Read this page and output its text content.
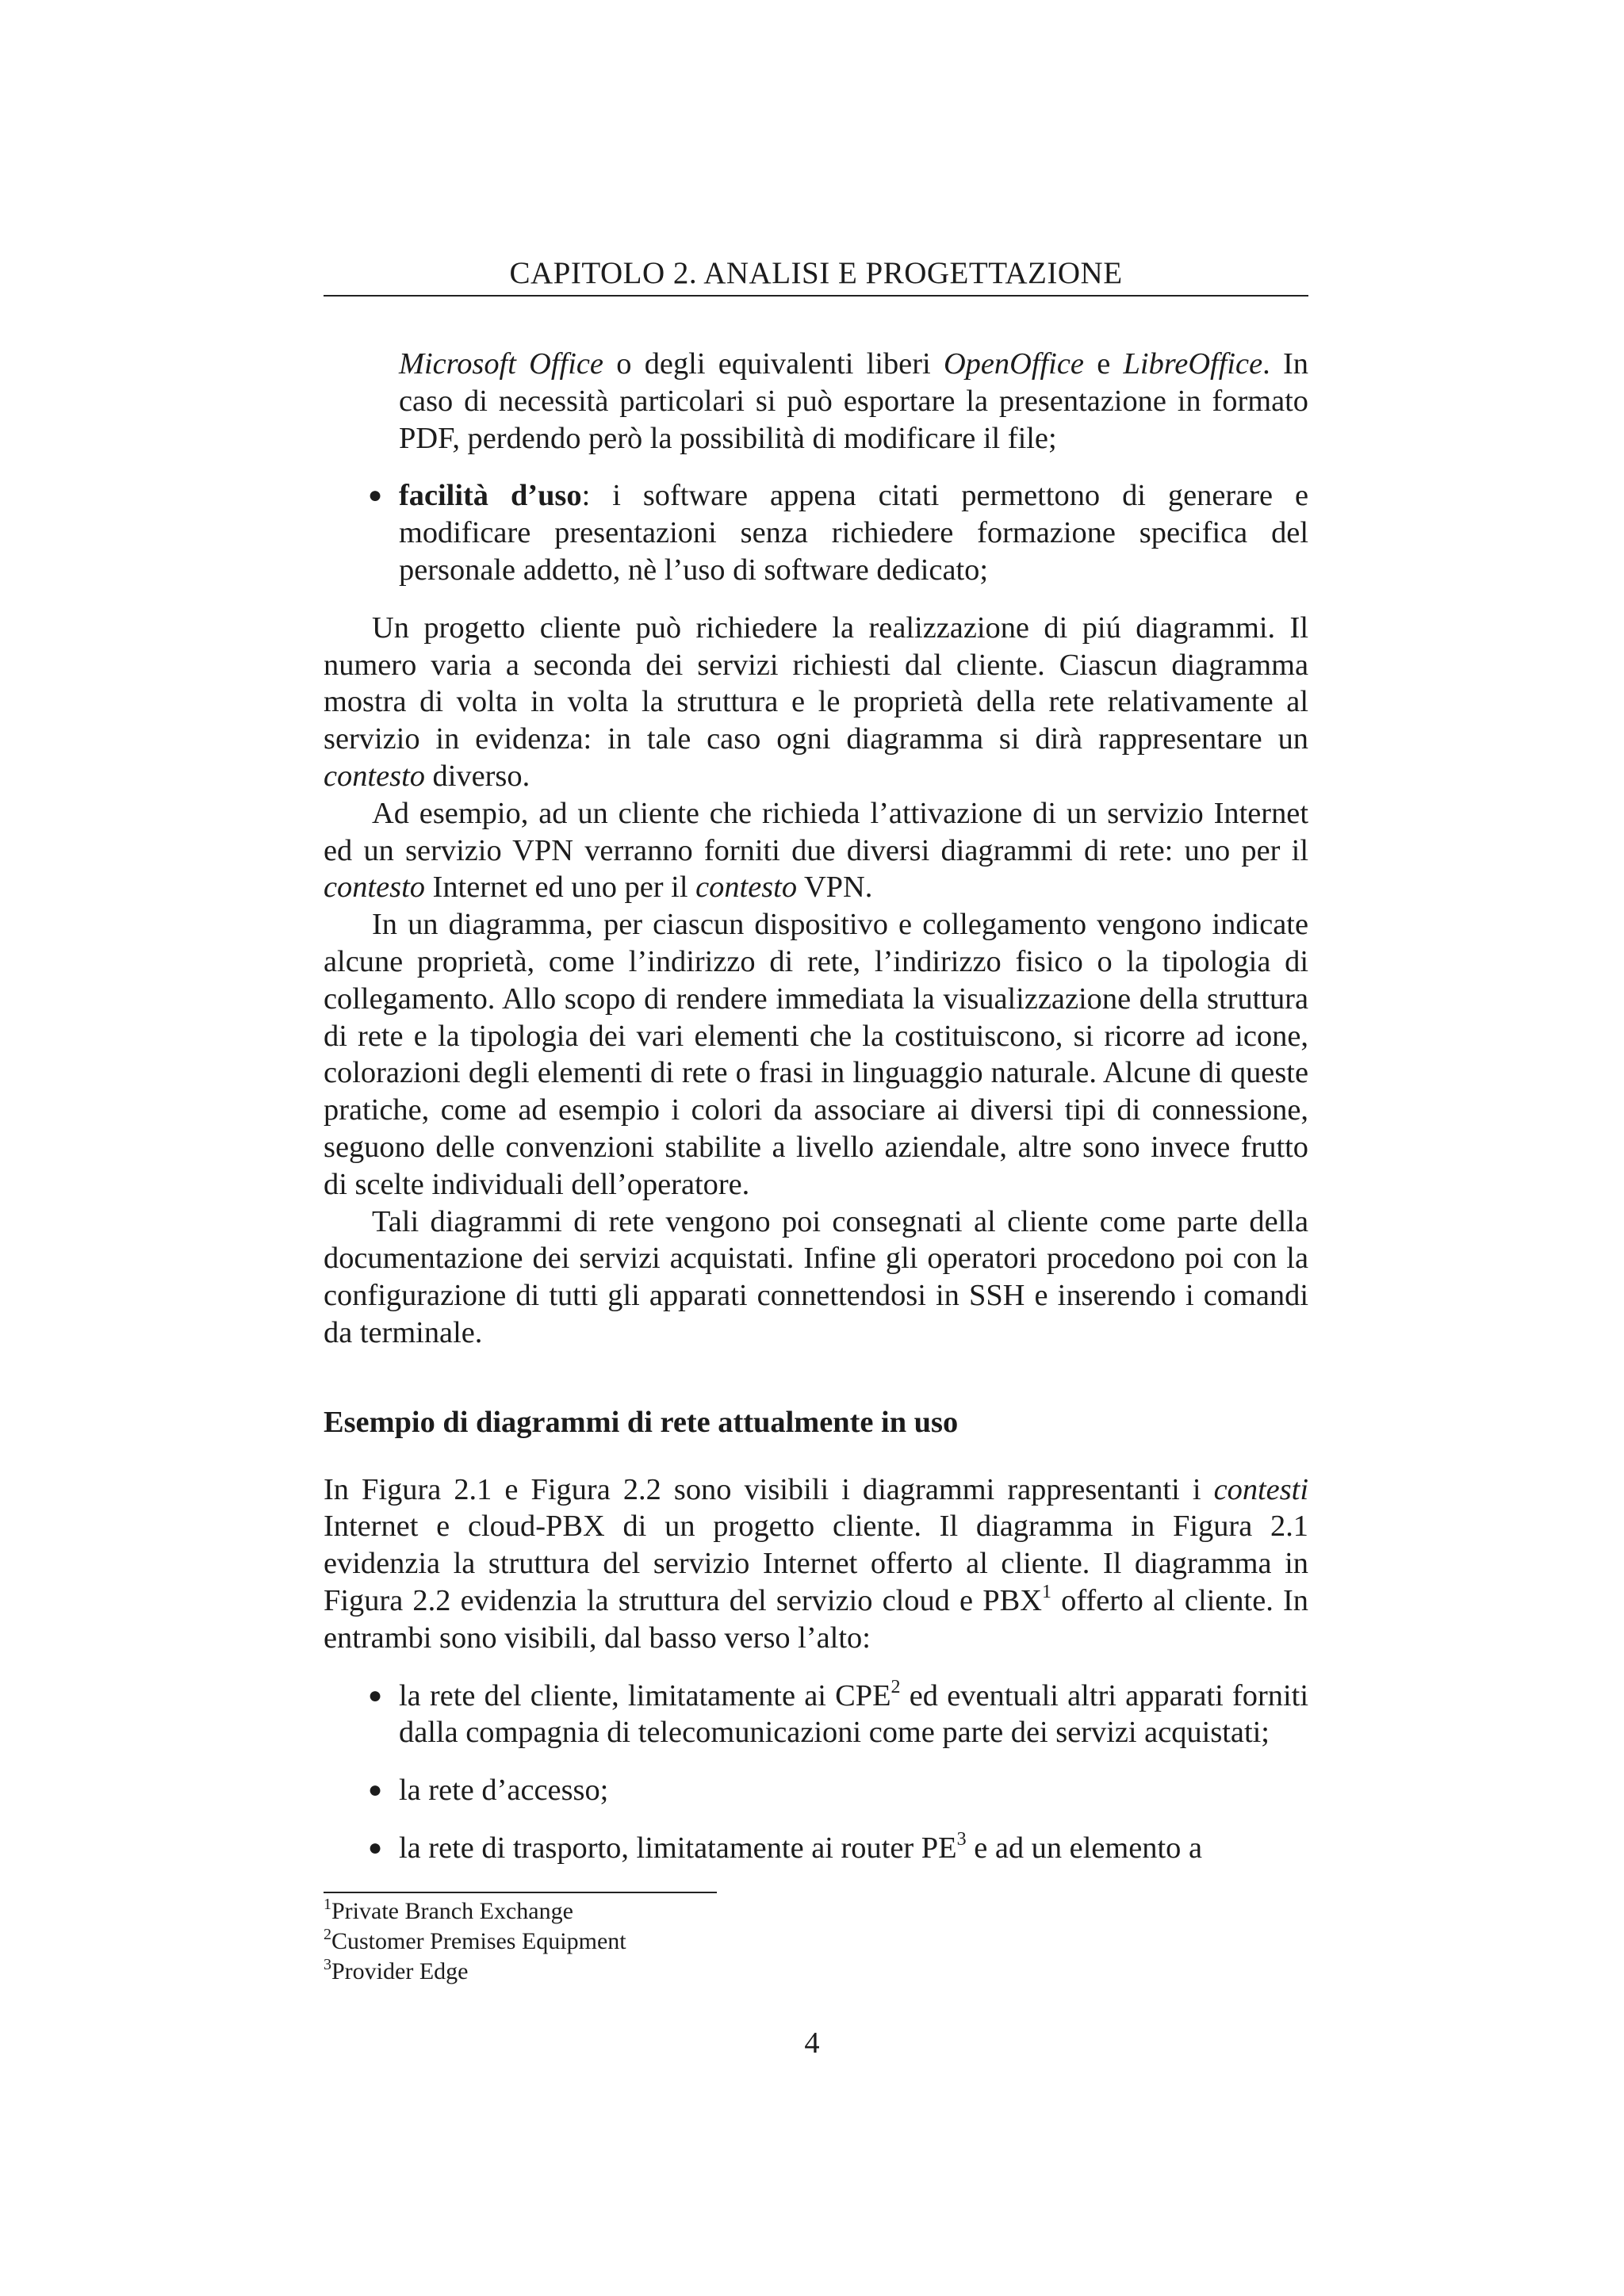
CAPITOLO 2. ANALISI E PROGETTAZIONE

Microsoft Office o degli equivalenti liberi OpenOffice e LibreOffice. In caso di necessità particolari si può esportare la presentazione in formato PDF, perdendo però la possibilità di modificare il file;

● facilità d’uso: i software appena citati permettono di generare e modificare presentazioni senza richiedere formazione specifica del personale addetto, nè l’uso di software dedicato;

Un progetto cliente può richiedere la realizzazione di piú diagrammi. Il numero varia a seconda dei servizi richiesti dal cliente. Ciascun diagramma mostra di volta in volta la struttura e le proprietà della rete relativamente al servizio in evidenza: in tale caso ogni diagramma si dirà rappresentare un contesto diverso.

Ad esempio, ad un cliente che richieda l’attivazione di un servizio Internet ed un servizio VPN verranno forniti due diversi diagrammi di rete: uno per il contesto Internet ed uno per il contesto VPN.

In un diagramma, per ciascun dispositivo e collegamento vengono indicate alcune proprietà, come l’indirizzo di rete, l’indirizzo fisico o la tipologia di collegamento. Allo scopo di rendere immediata la visualizzazione della struttura di rete e la tipologia dei vari elementi che la costituiscono, si ricorre ad icone, colorazioni degli elementi di rete o frasi in linguaggio naturale. Alcune di queste pratiche, come ad esempio i colori da associare ai diversi tipi di connessione, seguono delle convenzioni stabilite a livello aziendale, altre sono invece frutto di scelte individuali dell’operatore.

Tali diagrammi di rete vengono poi consegnati al cliente come parte della documentazione dei servizi acquistati. Infine gli operatori procedono poi con la configurazione di tutti gli apparati connettendosi in SSH e inserendo i comandi da terminale.

Esempio di diagrammi di rete attualmente in uso

In Figura 2.1 e Figura 2.2 sono visibili i diagrammi rappresentanti i contesti Internet e cloud-PBX di un progetto cliente. Il diagramma in Figura 2.1 evidenzia la struttura del servizio Internet offerto al cliente. Il diagramma in Figura 2.2 evidenzia la struttura del servizio cloud e PBX$^1$ offerto al cliente. In entrambi sono visibili, dal basso verso l’alto:

● la rete del cliente, limitatamente ai CPE$^2$ ed eventuali altri apparati forniti dalla compagnia di telecomunicazioni come parte dei servizi acquistati;
● la rete d’accesso;
● la rete di trasporto, limitatamente ai router $PE^3$ e ad un elemento a
$^1$Private Branch Exchange
$^2$Customer Premises Equipment
$^3$Provider Edge
4
